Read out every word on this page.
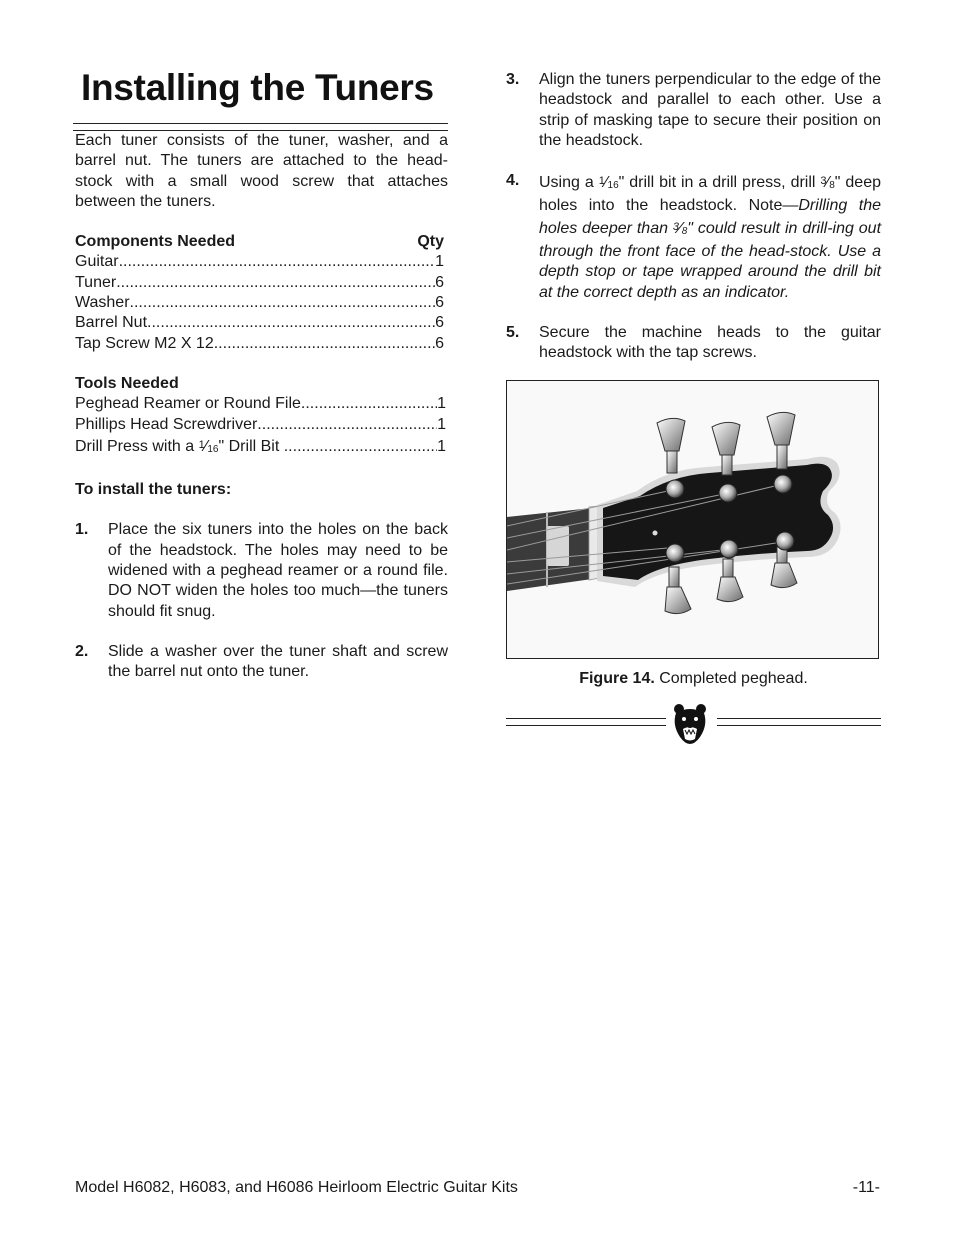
Installing the Tuners

Each tuner consists of the tuner, washer, and a barrel nut. The tuners are attached to the head-stock with a small wood screw that attaches between the tuners.

Components Needed	Qty
Guitar .....	1
Tuner .....	6
Washer .....	6
Barrel Nut .....	6
Tap Screw M2 X 12 .....	6
Tools Needed
Peghead Reamer or Round File .....	1
Phillips Head Screwdriver .....	1
Drill Press with a $^1$⁄16" Drill Bit .....	1
To install the tuners:
1.	Place the six tuners into the holes on the back of the headstock. The holes may need to be widened with a peghead reamer or a round file. DO NOT widen the holes too much—the tuners should fit snug.
2.	Slide a washer over the tuner shaft and screw the barrel nut onto the tuner.
3.	Align the tuners perpendicular to the edge of the headstock and parallel to each other. Use a strip of masking tape to secure their position on the headstock.
4.	Using a $^1$⁄16" drill bit in a drill press, drill $^3$⁄8" deep holes into the headstock. Note—Drilling the holes deeper than $^3$⁄8" could result in drill-ing out through the front face of the head-stock. Use a depth stop or tape wrapped around the drill bit at the correct depth as an indicator.
5.	Secure the machine heads to the guitar headstock with the tap screws.
Figure 14. Completed peghead.
Model H6082, H6083, and H6086 Heirloom Electric Guitar Kits	-11-
